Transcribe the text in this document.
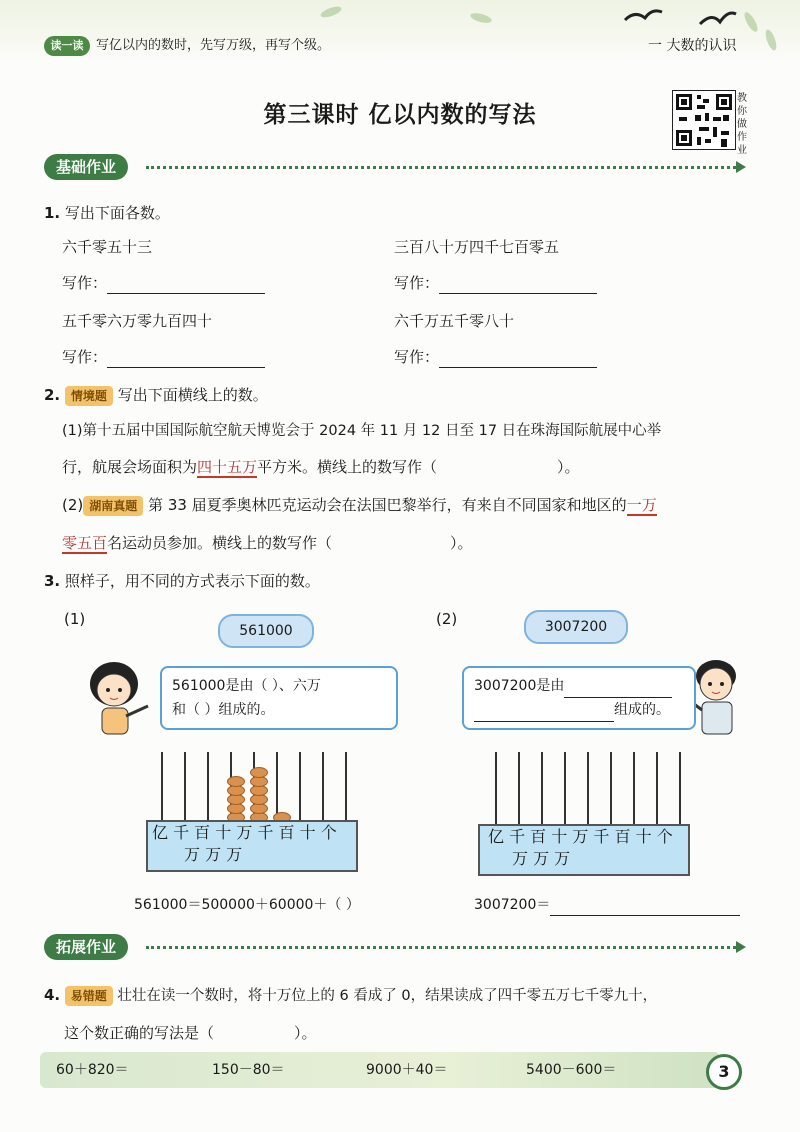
读一读 写亿以内的数时，先写万级，再写个级。	一 大数的认识
第三课时 亿以内数的写法
教
你
做
作
业
基础作业
1. 写出下面各数。
六千零五十三	三百八十万四千七百零五
写作：	写作：
五千零六万零九百四十	六千万五千零八十
写作：	写作：
2. 情境题 写出下面横线上的数。
(1)第十五届中国国际航空航天博览会于 2024 年 11 月 12 日至 17 日在珠海国际航展中心举
行，航展会场面积为四十五万平方米。横线上的数写作（	）。
(2) 湖南真题 第 33 届夏季奥林匹克运动会在法国巴黎举行，有来自不同国家和地区的一万
零五百名运动员参加。横线上的数写作（	）。
3. 照样子，用不同的方式表示下面的数。
(1)	(2)
561000	3007200
561000是由（ ）、六万
和（ ）组成的。
3007200是由
组成的。
亿 千 百 十 万 千 百 十 个
万 万 万
亿 千 百 十 万 千 百 十 个
万 万 万
561000＝500000＋60000＋（ ）	3007200＝
拓展作业
4. 易错题 壮壮在读一个数时，将十万位上的 6 看成了 0，结果读成了四千零五万七千零九十，
这个数正确的写法是（	）。
60＋820＝	150－80＝	9000＋40＝	5400－600＝	3
